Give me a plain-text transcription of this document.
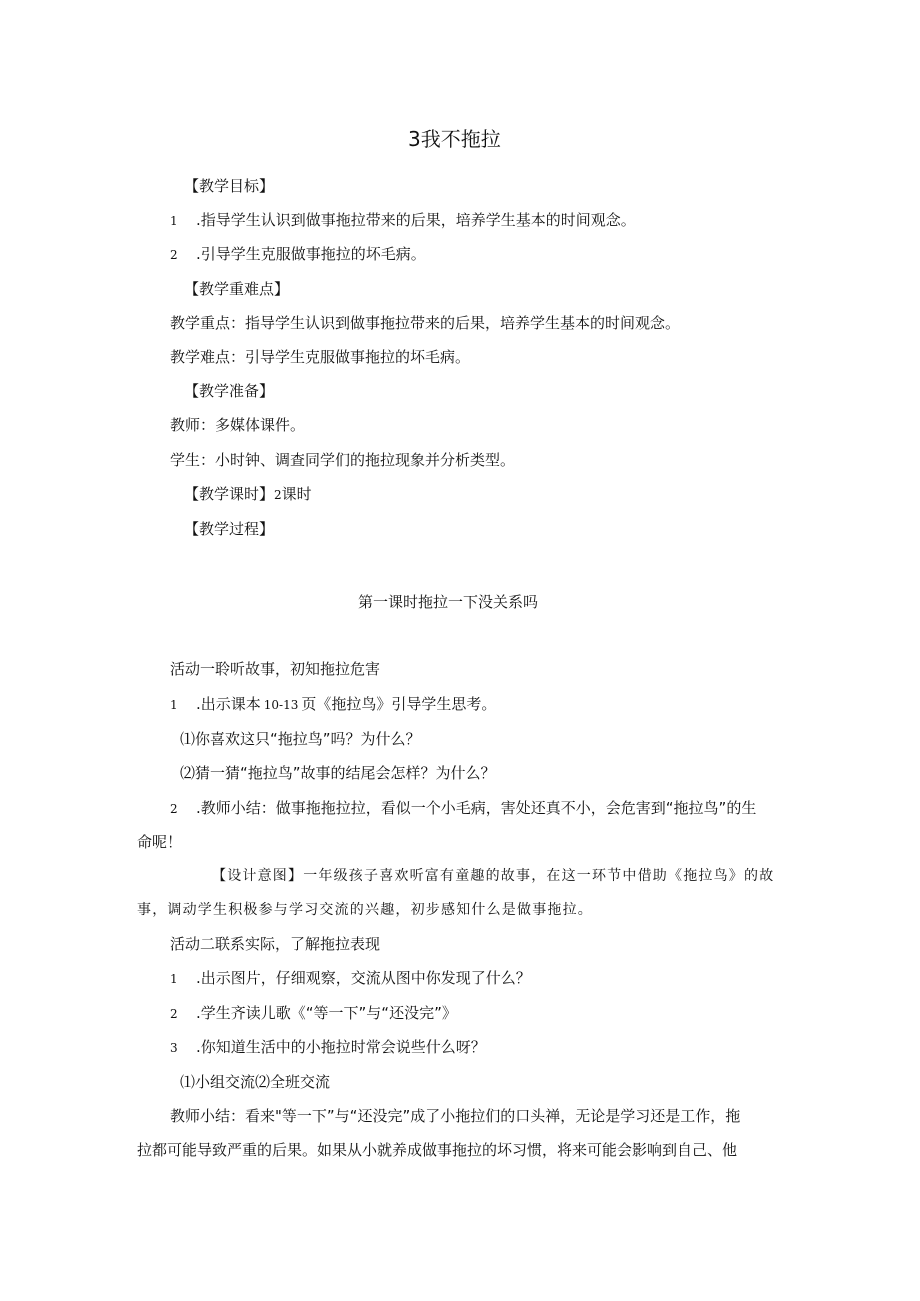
3我不拖拉
【教学目标】
1 .指导学生认识到做事拖拉带来的后果，培养学生基本的时间观念。
2 .引导学生克服做事拖拉的坏毛病。
【教学重难点】
教学重点：指导学生认识到做事拖拉带来的后果，培养学生基本的时间观念。
教学难点：引导学生克服做事拖拉的坏毛病。
【教学准备】
教师：多媒体课件。
学生：小时钟、调查同学们的拖拉现象并分析类型。
【教学课时】2课时
【教学过程】
第一课时拖拉一下没关系吗
活动一聆听故事，初知拖拉危害
1 .出示课本 10-13 页《拖拉鸟》引导学生思考。
⑴你喜欢这只“拖拉鸟”吗？为什么？
⑵猜一猜“拖拉鸟”故事的结尾会怎样？为什么？
2 .教师小结：做事拖拖拉拉，看似一个小毛病，害处还真不小，会危害到“拖拉鸟”的生
命呢！
【设计意图】一年级孩子喜欢听富有童趣的故事，在这一环节中借助《拖拉鸟》的故
事，调动学生积极参与学习交流的兴趣，初步感知什么是做事拖拉。
活动二联系实际，了解拖拉表现
1 .出示图片，仔细观察，交流从图中你发现了什么？
2 .学生齐读儿歌《“等一下”与“还没完”》
3 .你知道生活中的小拖拉时常会说些什么呀？
⑴小组交流⑵全班交流
教师小结：看来"等一下”与“还没完”成了小拖拉们的口头禅，无论是学习还是工作，拖
拉都可能导致严重的后果。如果从小就养成做事拖拉的坏习惯，将来可能会影响到自己、他
